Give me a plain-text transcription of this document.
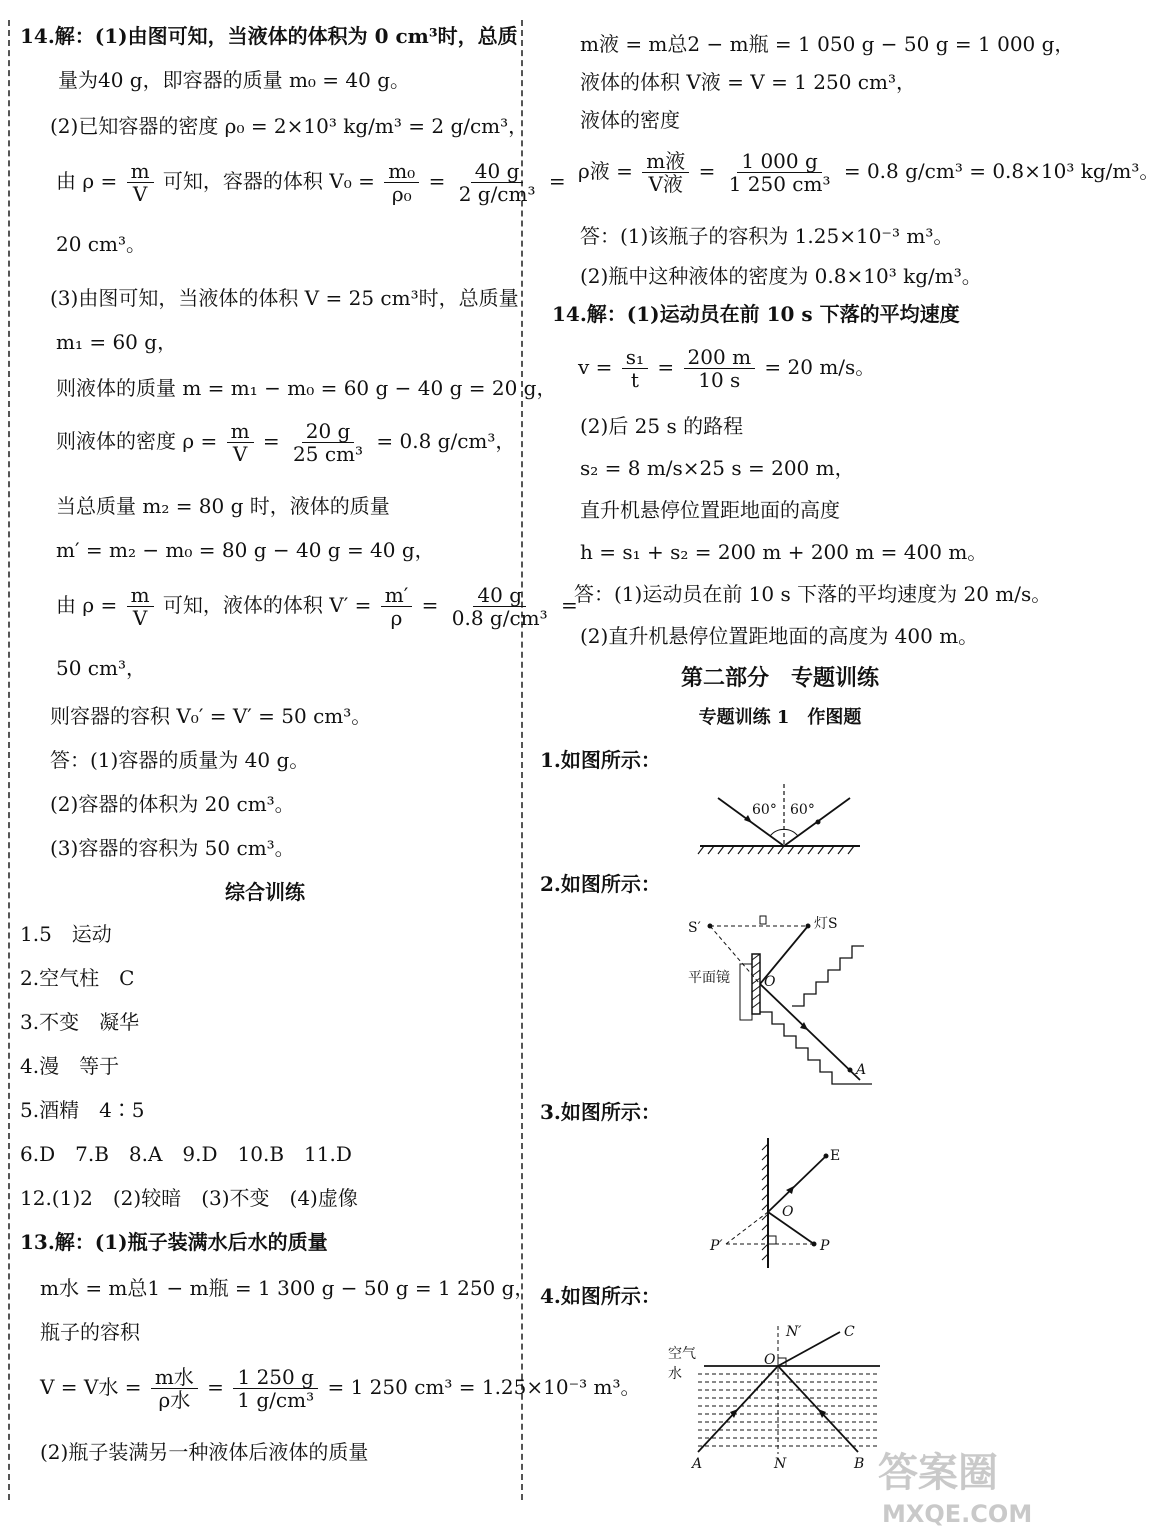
14.解：(1)由图可知，当液体的体积为 0 cm³时，总质
量为40 g，即容器的质量 m₀ = 40 g。
(2)已知容器的密度 ρ₀ = 2×10³ kg/m³ = 2 g/cm³，
由 $\rho = \frac{m}{V}$ 可知，容器的体积 $V_0 = \frac{\text{m₀}}{\text{ρ₀}} = \frac{40 g}{\text{2 g/cm³}}$ =
20 cm³。
(3)由图可知，当液体的体积 V = 25 cm³时，总质量
m₁ = 60 g，
则液体的质量 m = m₁ − m₀ = 60 g − 40 g = 20 g，
则液体的密度 $\rho = \frac{m}{V} = \frac{20 g}{\text{25 cm³}} = 0.8$ g/cm³，
当总质量 m₂ = 80 g 时，液体的质量
m′ = m₂ − m₀ = 80 g − 40 g = 40 g，
由 $\rho = \frac{m}{V}$ 可知，液体的体积 $V' = \frac{m'}{\rho} = \frac{40 g}{\text{0.8 g/cm³}}$ =
50 cm³，
则容器的容积 V₀′ = V′ = 50 cm³。
答：(1)容器的质量为 40 g。
(2)容器的体积为 20 cm³。
(3)容器的容积为 50 cm³。
综合训练
1.5　运动
2.空气柱　C
3.不变　凝华
4.漫　等于
5.酒精　4∶5
6.D　7.B　8.A　9.D　10.B　11.D
12.(1)2　(2)较暗　(3)不变　(4)虚像
13.解：(1)瓶子装满水后水的质量
m水 = m总1 − m瓶 = 1 300 g − 50 g = 1 250 g，
瓶子的容积
V = V水 = $\frac{\text{m水}}{\text{ρ水}} = \frac{1 250 g}{\text{1 g/cm³}} = 1$ 250 cm³ = 1.25×10⁻³ m³。
(2)瓶子装满另一种液体后液体的质量
m液 = m总2 − m瓶 = 1 050 g − 50 g = 1 000 g，
液体的体积 V液 = V = 1 250 cm³，
液体的密度
ρ液 = $\frac{\text{m液}}{\text{V液}} = \frac{1 000 g}{\text{1 250 cm³}} = 0.8$ g/cm³ = 0.8×10³ kg/m³。
答：(1)该瓶子的容积为 1.25×10⁻³ m³。
(2)瓶中这种液体的密度为 0.8×10³ kg/m³。
14.解：(1)运动员在前 10 s 下落的平均速度
$v = \frac{\text{s₁}}{t} = \frac{200 m}{10 s} = 20$ m/s。
(2)后 25 s 的路程
s₂ = 8 m/s×25 s = 200 m，
直升机悬停位置距地面的高度
h = s₁ + s₂ = 200 m + 200 m = 400 m。
答：(1)运动员在前 10 s 下落的平均速度为 20 m/s。
(2)直升机悬停位置距地面的高度为 400 m。
第二部分　专题训练
专题训练 1　作图题
1.如图所示：
60° 60°
2.如图所示：
S′	灯S
A
平面镜 O
3.如图所示：
E
O
P′	P
4.如图所示：
空气
水
N′	C
O
A	N	B 答案圈
MXQE.COM
